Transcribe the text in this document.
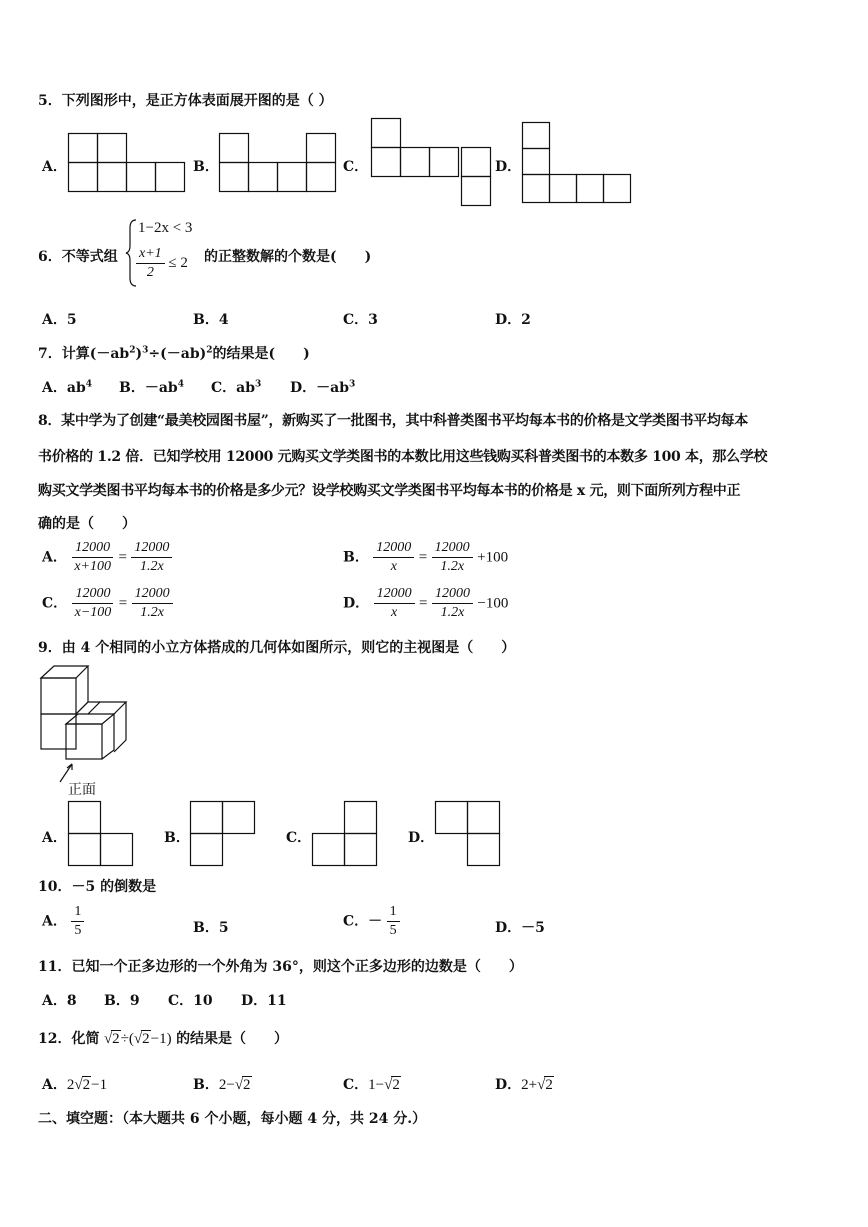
5．下列图形中，是正方体表面展开图的是（ ）
A．	B．	C．	D．
6．不等式组
1−2x < 3
$\frac{x+1}{2} \le 2$ 的正整数解的个数是(　　)
A．5	B．4	C．3	D．2
7．计算$(-ab^2)^3\div(-ab)^2$的结果是(　　)
A．$ab^4$ B．$-ab^4$ C．$ab^3$ D．$-ab^3$
8．某中学为了创建“最美校园图书屋”，新购买了一批图书，其中科普类图书平均每本书的价格是文学类图书平均每本
书价格的 1.2 倍．已知学校用 12000 元购买文学类图书的本数比用这些钱购买科普类图书的本数多 100 本，那么学校
购买文学类图书平均每本书的价格是多少元？设学校购买文学类图书平均每本书的价格是 x 元，则下面所列方程中正
确的是（　　）
A． $\frac{12000}{x+100} = \frac{12000}{1.2x}$	B． $\frac{12000}{x} = \frac{12000}{1.2x} +100$
C． $\frac{12000}{x-100} = \frac{12000}{1.2x}$	D． $\frac{12000}{x} = \frac{12000}{1.2x} -100$
9．由 4 个相同的小立方体搭成的几何体如图所示，则它的主视图是（　　）
正面
A．	B．	C．	D．
10．－5 的倒数是
A． $\frac{1}{5}$	B．5	C．－ $\frac{1}{5}$	D．－5
11．已知一个正多边形的一个外角为 36°，则这个正多边形的边数是（　　）
A．8 B．9 C．10 D．11
12．化简 √2÷(√2−1) 的结果是（　　）
A．2√2−1	B．2−√2	C．1−√2	D．2+√2
二、填空题：（本大题共 6 个小题，每小题 4 分，共 24 分.）
